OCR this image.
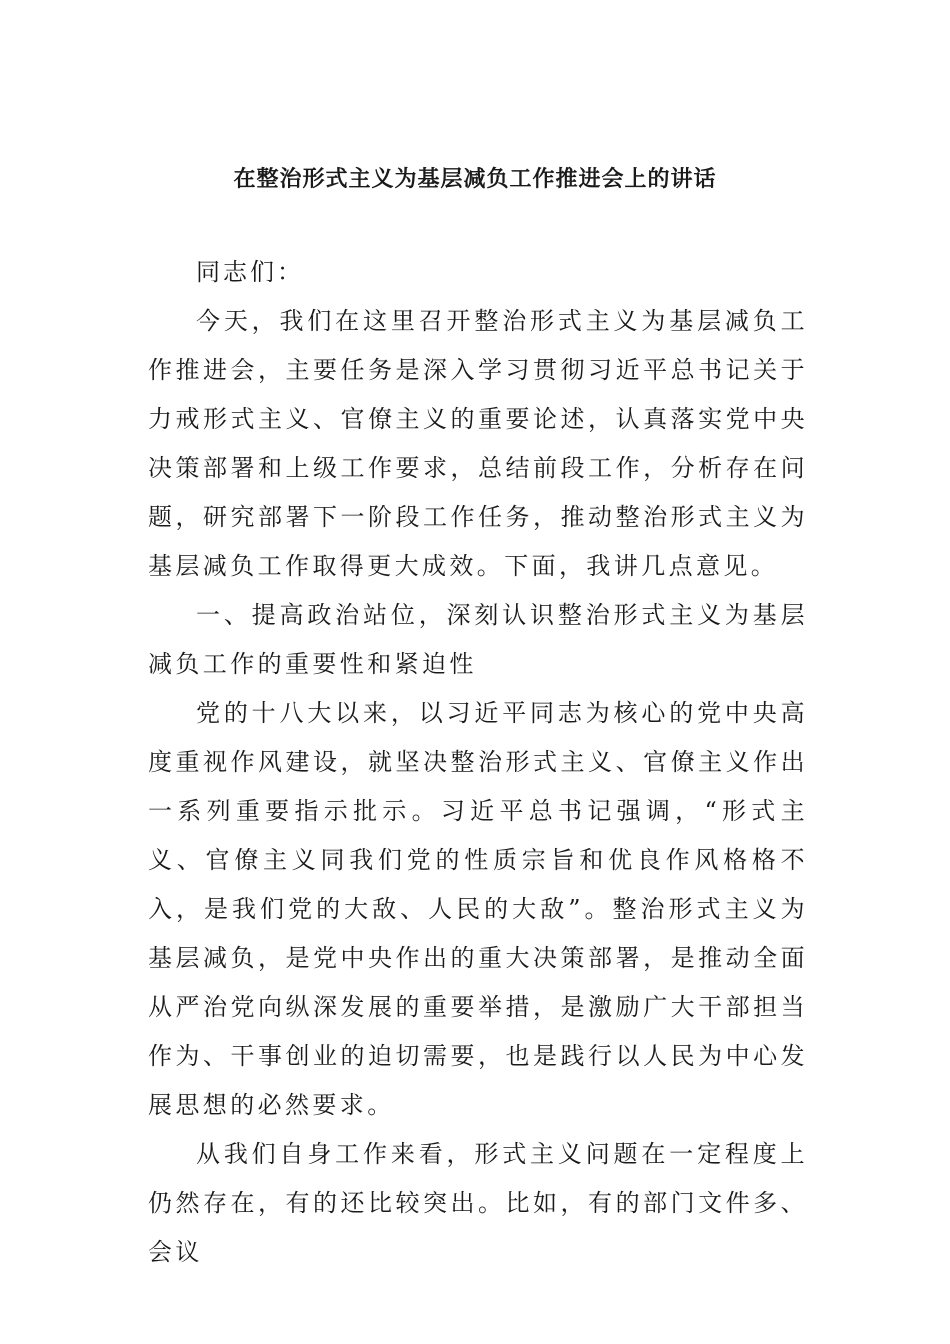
在整治形式主义为基层减负工作推进会上的讲话

同志们：

今天，我们在这里召开整治形式主义为基层减负工作推进会，主要任务是深入学习贯彻习近平总书记关于力戒形式主义、官僚主义的重要论述，认真落实党中央决策部署和上级工作要求，总结前段工作，分析存在问题，研究部署下一阶段工作任务，推动整治形式主义为基层减负工作取得更大成效。下面，我讲几点意见。

一、提高政治站位，深刻认识整治形式主义为基层减负工作的重要性和紧迫性

党的十八大以来，以习近平同志为核心的党中央高度重视作风建设，就坚决整治形式主义、官僚主义作出一系列重要指示批示。习近平总书记强调，“形式主义、官僚主义同我们党的性质宗旨和优良作风格格不入，是我们党的大敌、人民的大敌”。整治形式主义为基层减负，是党中央作出的重大决策部署，是推动全面从严治党向纵深发展的重要举措，是激励广大干部担当作为、干事创业的迫切需要，也是践行以人民为中心发展思想的必然要求。

从我们自身工作来看，形式主义问题在一定程度上仍然存在，有的还比较突出。比如，有的部门文件多、会议
